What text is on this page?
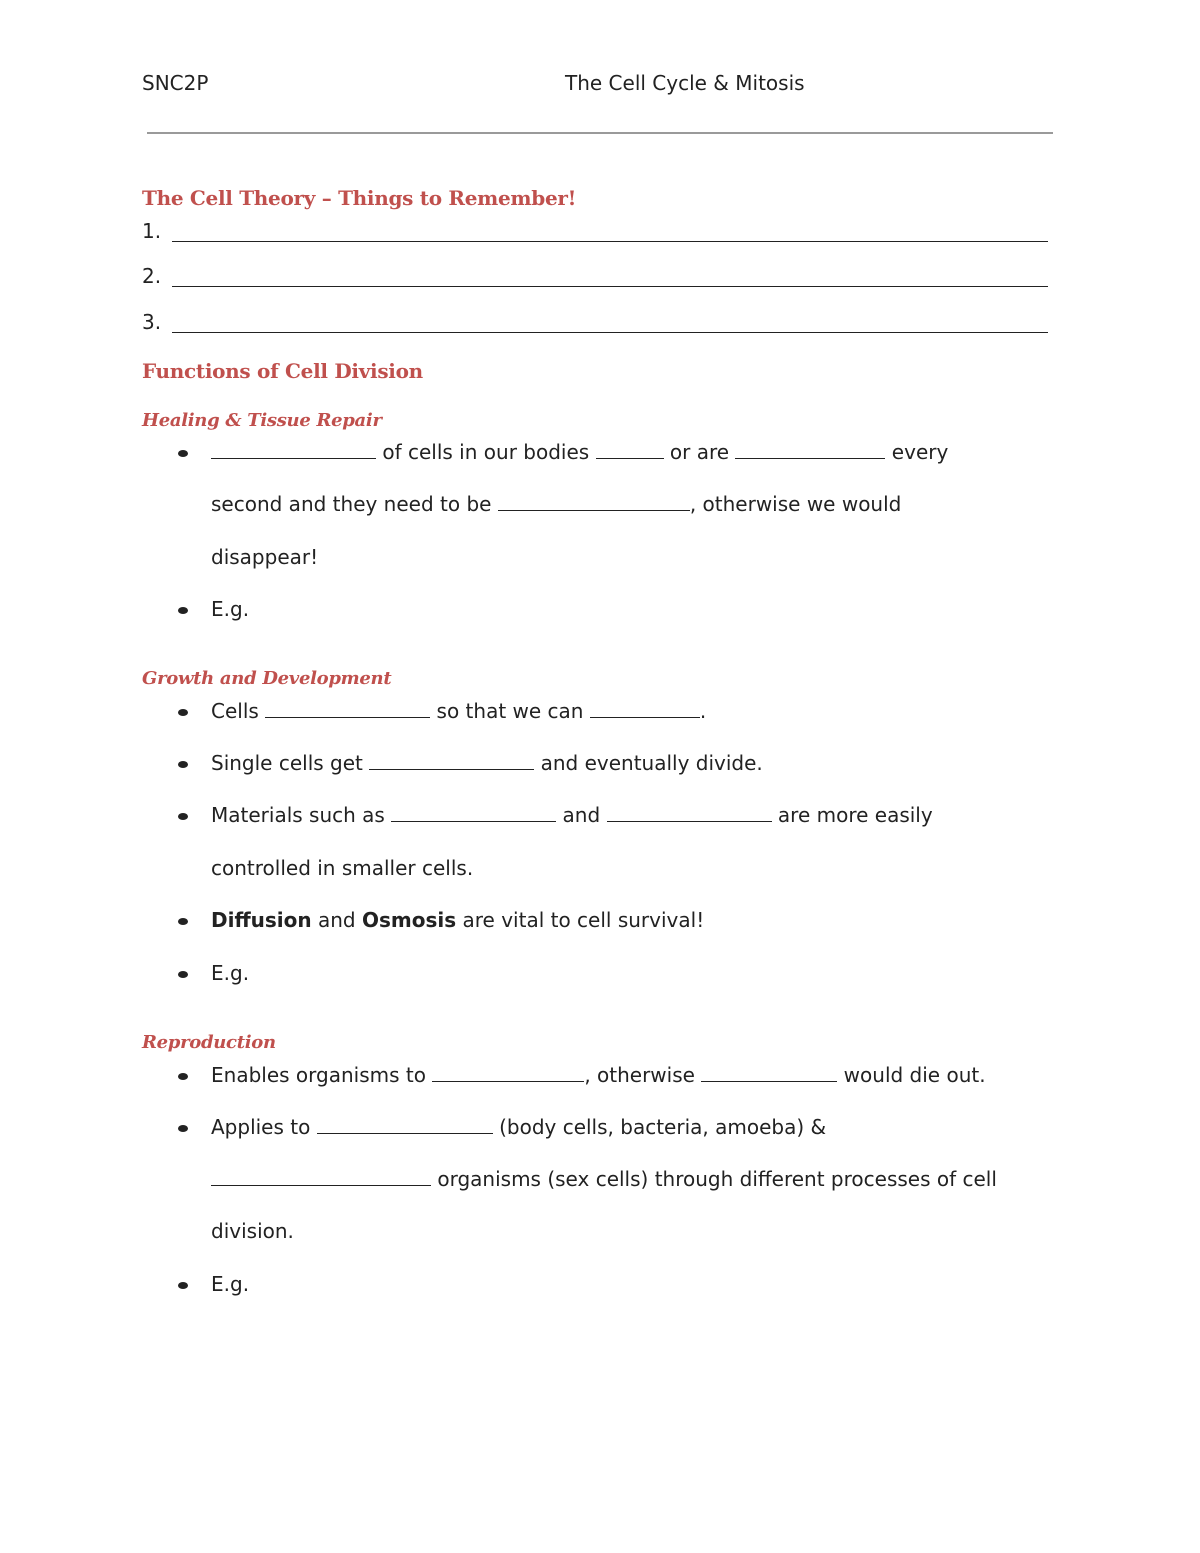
SNC2P	The Cell Cycle & Mitosis
The Cell Theory – Things to Remember!
1.
2.
3.
Functions of Cell Division
Healing & Tissue Repair
of cells in our bodies	or are	every
second and they need to be	, otherwise we would
disappear!
E.g.
Growth and Development
Cells	so that we can	.
Single cells get	and eventually divide.
Materials such as	and	are more easily
controlled in smaller cells.
Diffusion and Osmosis are vital to cell survival!
E.g.
Reproduction
Enables organisms to	, otherwise	would die out.
Applies to	(body cells, bacteria, amoeba) &
organisms (sex cells) through different processes of cell
division.
E.g.
